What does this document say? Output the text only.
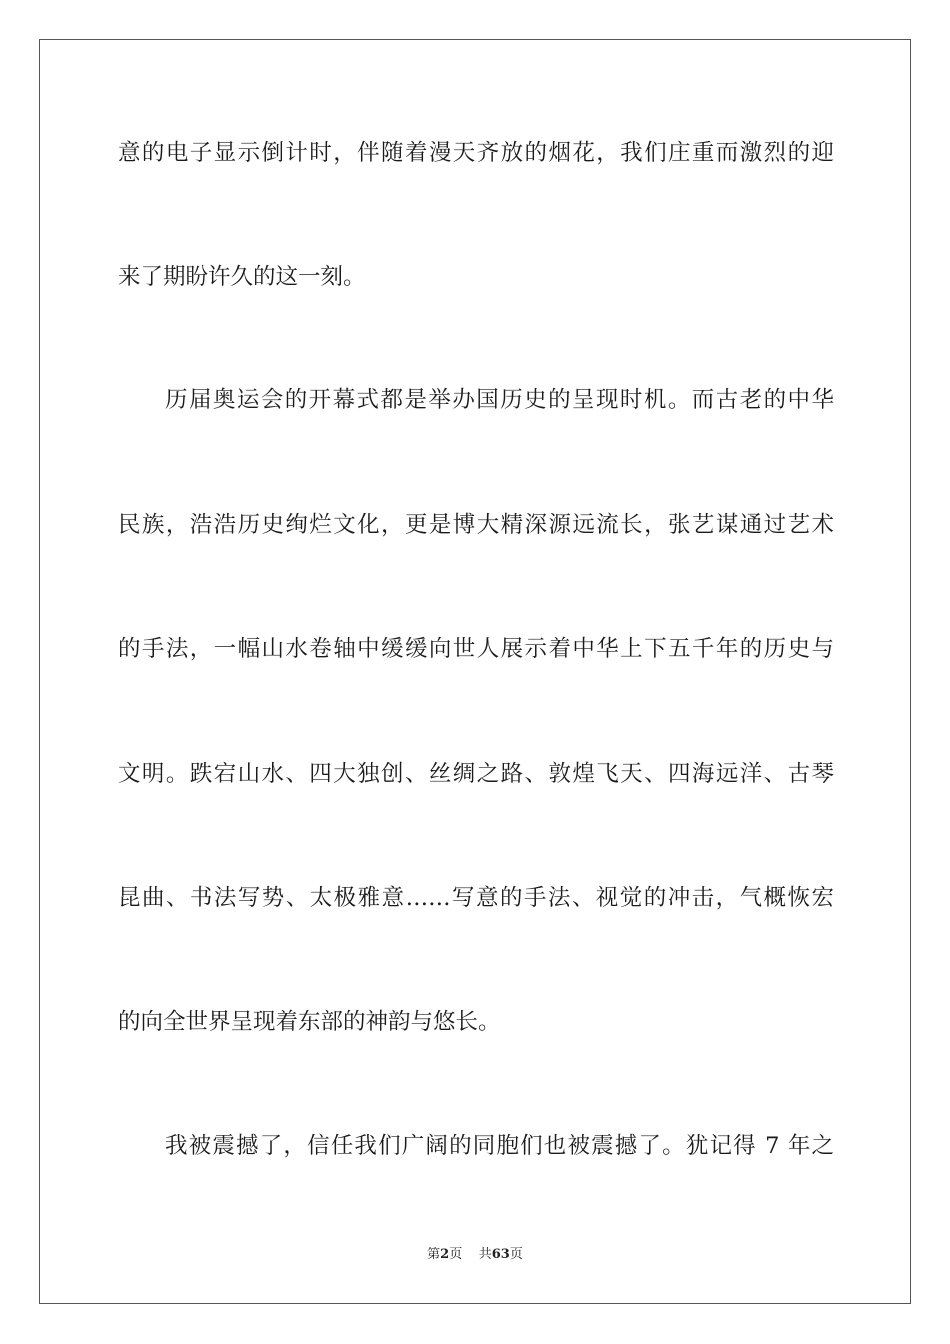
意的电子显示倒计时，伴随着漫天齐放的烟花，我们庄重而激烈的迎
来了期盼许久的这一刻。
历届奥运会的开幕式都是举办国历史的呈现时机。而古老的中华
民族，浩浩历史绚烂文化，更是博大精深源远流长，张艺谋通过艺术
的手法，一幅山水卷轴中缓缓向世人展示着中华上下五千年的历史与
文明。跌宕山水、四大独创、丝绸之路、敦煌飞天、四海远洋、古琴
昆曲、书法写势、太极雅意……写意的手法、视觉的冲击，气概恢宏
的向全世界呈现着东部的神韵与悠长。
我被震撼了，信任我们广阔的同胞们也被震撼了。犹记得 7 年之
第2页 共63页
